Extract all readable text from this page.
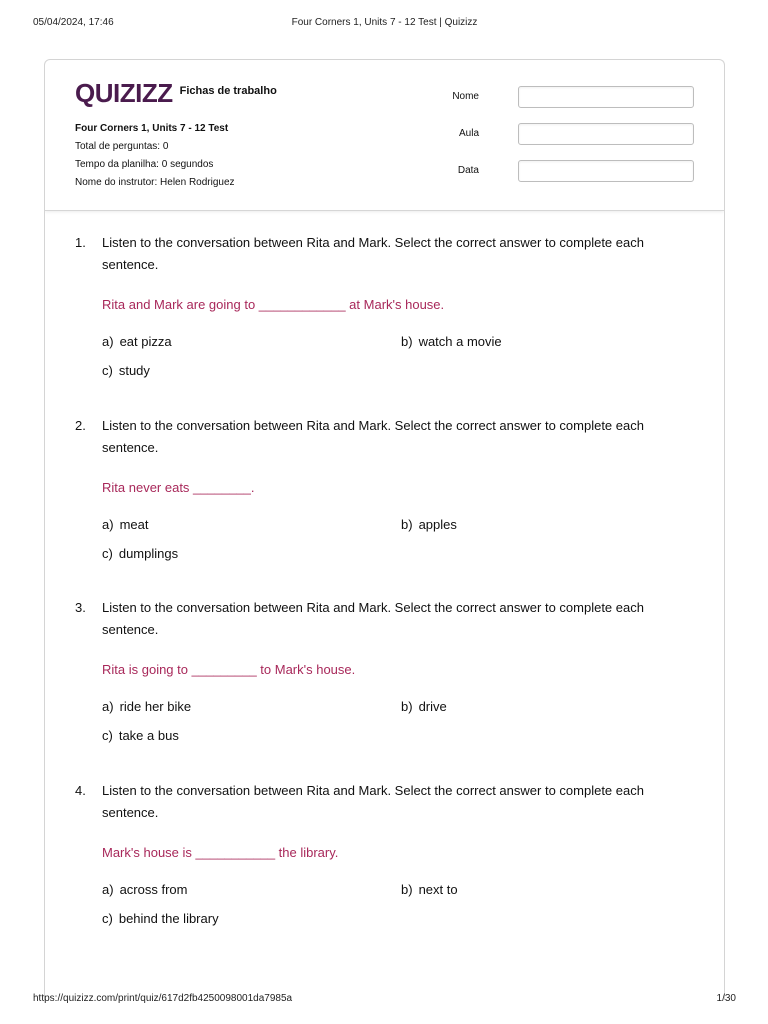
05/04/2024, 17:46	Four Corners 1, Units 7 - 12 Test | Quizizz
QUIZIZZ Fichas de trabalho
Four Corners 1, Units 7 - 12 Test
Total de perguntas: 0
Tempo da planilha: 0 segundos
Nome do instrutor: Helen Rodriguez
Nome
Aula
Data
1. Listen to the conversation between Rita and Mark. Select the correct answer to complete each sentence.
Rita and Mark are going to ____________ at Mark's house.
a) eat pizza	b) watch a movie
c) study
2. Listen to the conversation between Rita and Mark. Select the correct answer to complete each sentence.
Rita never eats ________.
a) meat	b) apples
c) dumplings
3. Listen to the conversation between Rita and Mark. Select the correct answer to complete each sentence.
Rita is going to _________ to Mark's house.
a) ride her bike	b) drive
c) take a bus
4. Listen to the conversation between Rita and Mark. Select the correct answer to complete each sentence.
Mark's house is ___________ the library.
a) across from	b) next to
c) behind the library
https://quizizz.com/print/quiz/617d2fb4250098001da7985a	1/30
